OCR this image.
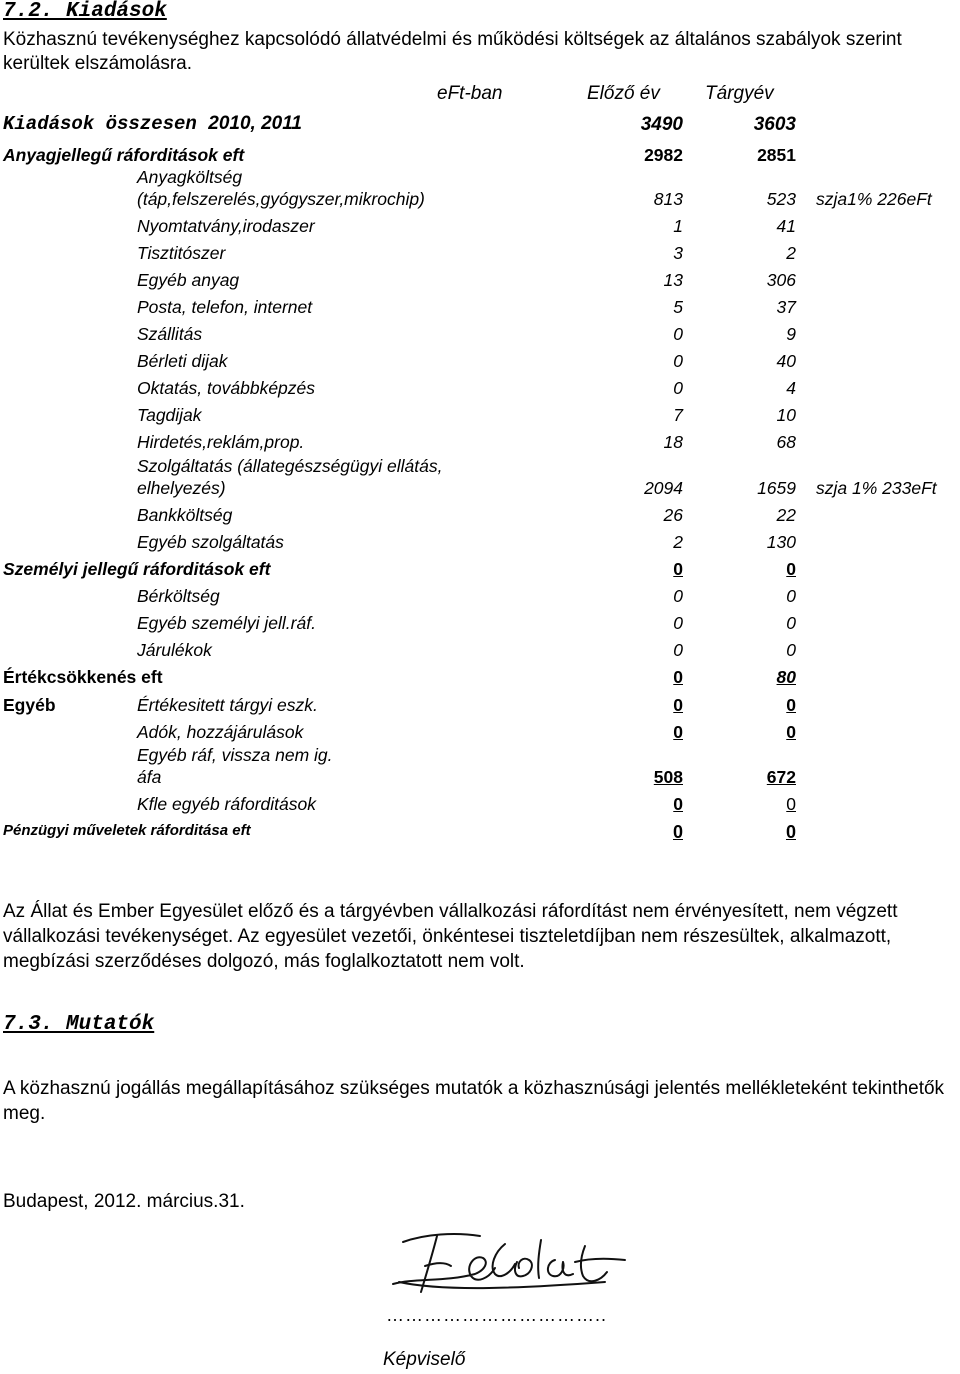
7.2. Kiadások
Közhasznú tevékenységhez kapcsolódó állatvédelmi és működési költségek az általános szabályok szerint kerültek elszámolásra.
eFt-ban	Előző év Tárgyév
Kiadások összesen 2010, 2011	3490	3603
Anyagjellegű ráforditások eft	2982	2851
Anyagköltség
(táp,felszerelés,gyógyszer,mikrochip)	813	523 szja1% 226eFt
Nyomtatvány,irodaszer	1	41
Tisztitószer	3	2
Egyéb anyag	13	306
Posta, telefon, internet	5	37
Szállitás	0	9
Bérleti dijak	0	40
Oktatás, továbbképzés	0	4
Tagdijak	7	10
Hirdetés,reklám,prop.	18	68
Szolgáltatás (állategészségügyi ellátás,
elhelyezés)	2094	1659 szja 1% 233eFt
Bankköltség	26	22
Egyéb szolgáltatás	2	130
Személyi jellegű ráforditások eft	0	0
Bérköltség	0	0
Egyéb személyi jell.ráf.	0	0
Járulékok	0	0
Értékcsökkenés eft	0	80
Egyéb	Értékesitett tárgyi eszk.	0	0
Adók, hozzájárulások	0	0
Egyéb ráf, vissza nem ig.
áfa	508	672
Kfle egyéb ráforditások	0	0
Pénzügyi műveletek ráforditása eft	0	0
Az Állat és Ember Egyesület előző és a tárgyévben vállalkozási ráfordítást nem érvényesített, nem végzett vállalkozási tevékenységet. Az egyesület vezetői, önkéntesei tiszteletdíjban nem részesültek, alkalmazott, megbízási szerződéses dolgozó, más foglalkoztatott nem volt.
7.3. Mutatók
A közhasznú jogállás megállapításához szükséges mutatók a közhasznúsági jelentés mellékleteként tekinthetők meg.
Budapest, 2012. március.31.
……………………………..
Képviselő
